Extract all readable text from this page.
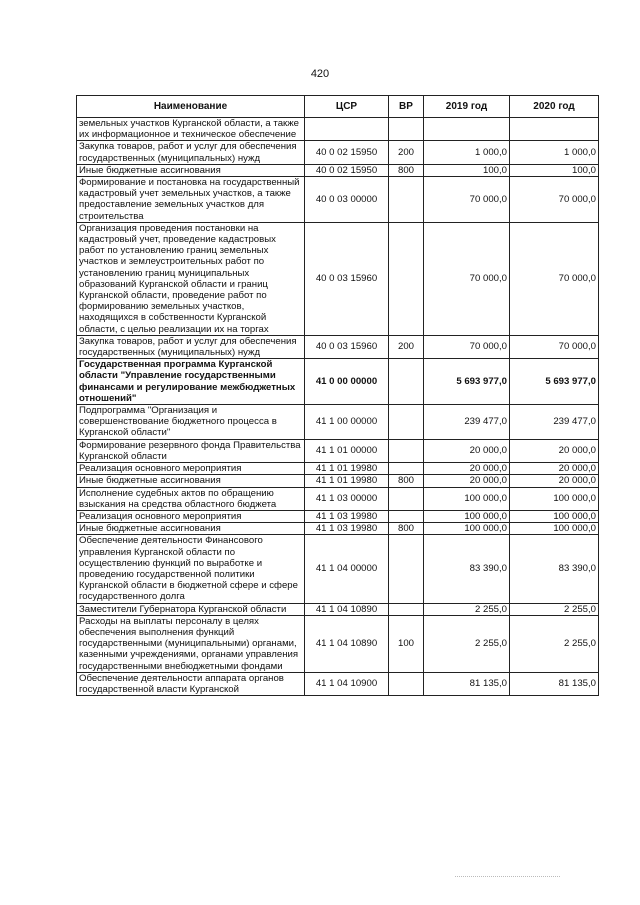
420
Наименование	ЦСР	ВР	2019 год	2020 год
земельных участков Курганской области, а также их информационное и техническое обеспечение				
Закупка товаров, работ и услуг для обеспечения государственных (муниципальных) нужд	40 0 02 15950	200	1 000,0	1 000,0
Иные бюджетные ассигнования	40 0 02 15950	800	100,0	100,0
Формирование и постановка на государственный кадастровый учет земельных участков, а также предоставление земельных участков для строительства	40 0 03 00000		70 000,0	70 000,0
Организация проведения постановки на кадастровый учет, проведение кадастровых работ по установлению границ земельных участков и землеустроительных работ по установлению границ муниципальных образований Курганской области и границ Курганской области, проведение работ по формированию земельных участков, находящихся в собственности Курганской области, с целью реализации их на торгах	40 0 03 15960		70 000,0	70 000,0
Закупка товаров, работ и услуг для обеспечения государственных (муниципальных) нужд	40 0 03 15960	200	70 000,0	70 000,0
Государственная программа Курганской области "Управление государственными финансами и регулирование межбюджетных отношений"	41 0 00 00000		5 693 977,0	5 693 977,0
Подпрограмма "Организация и совершенствование бюджетного процесса в Курганской области"	41 1 00 00000		239 477,0	239 477,0
Формирование резервного фонда Правительства Курганской области	41 1 01 00000		20 000,0	20 000,0
Реализация основного мероприятия	41 1 01 19980		20 000,0	20 000,0
Иные бюджетные ассигнования	41 1 01 19980	800	20 000,0	20 000,0
Исполнение судебных актов по обращению взыскания на средства областного бюджета	41 1 03 00000		100 000,0	100 000,0
Реализация основного мероприятия	41 1 03 19980		100 000,0	100 000,0
Иные бюджетные ассигнования	41 1 03 19980	800	100 000,0	100 000,0
Обеспечение деятельности Финансового управления Курганской области по осуществлению функций по выработке и проведению государственной политики Курганской области в бюджетной сфере и сфере государственного долга	41 1 04 00000		83 390,0	83 390,0
Заместители Губернатора Курганской области	41 1 04 10890		2 255,0	2 255,0
Расходы на выплаты персоналу в целях обеспечения выполнения функций государственными (муниципальными) органами, казенными учреждениями, органами управления государственными внебюджетными фондами	41 1 04 10890	100	2 255,0	2 255,0
Обеспечение деятельности аппарата органов государственной власти Курганской	41 1 04 10900		81 135,0	81 135,0
